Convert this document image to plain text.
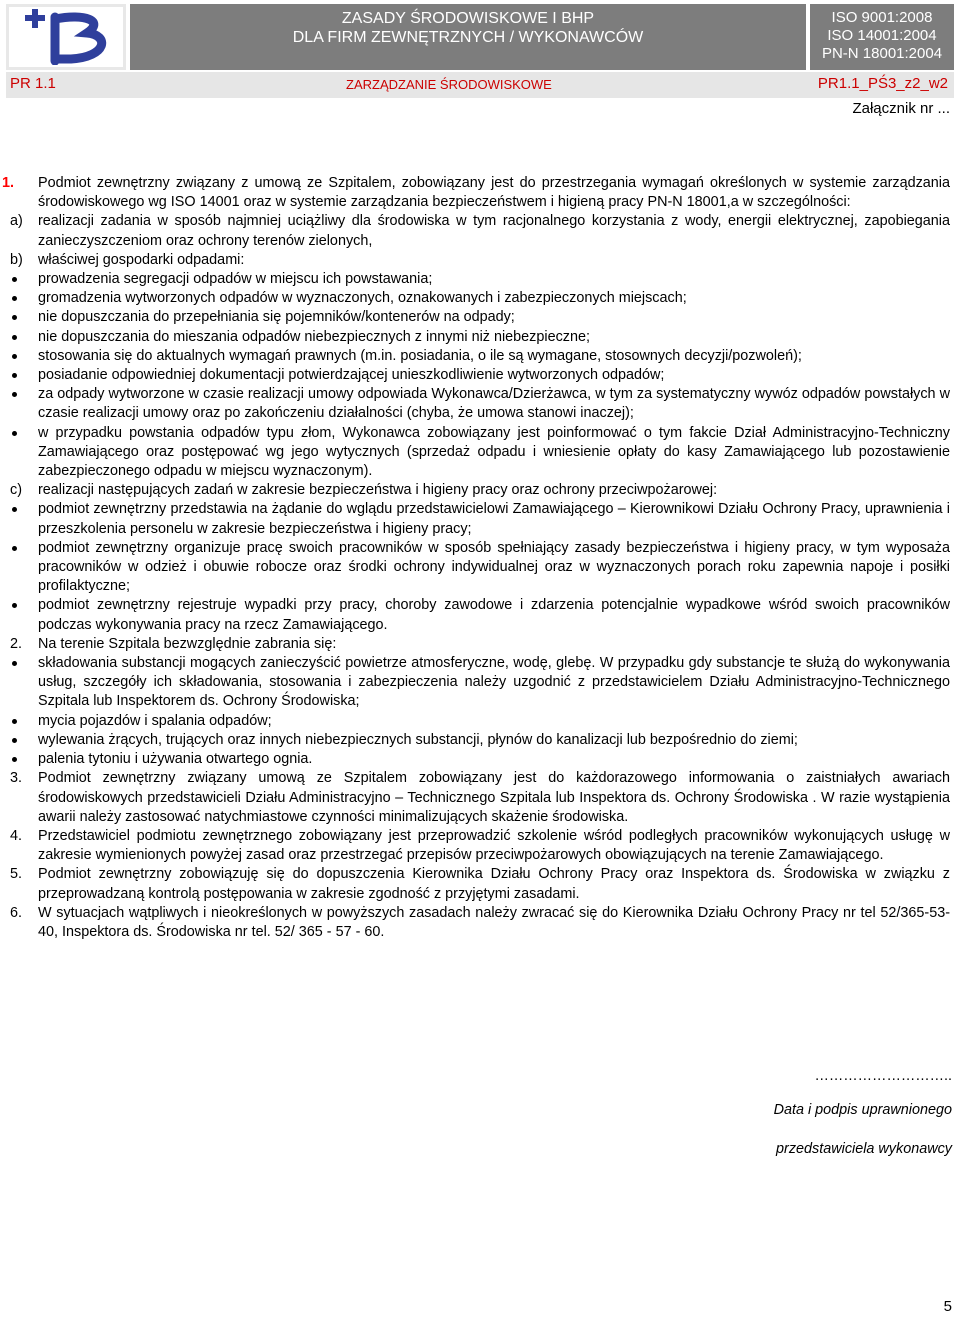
ZASADY ŚRODOWISKOWE I BHP
DLA FIRM ZEWNĘTRZNYCH / WYKONAWCÓW
ISO 9001:2008
ISO 14001:2004
PN-N 18001:2004
PR 1.1	ZARZĄDZANIE ŚRODOWISKOWE	PR1.1_PŚ3_z2_w2
Załącznik nr ...
1. Podmiot zewnętrzny związany z umową ze Szpitalem, zobowiązany jest do przestrzegania wymagań określonych w systemie zarządzania środowiskowego wg ISO 14001 oraz w systemie zarządzania bezpieczeństwem i higieną pracy PN-N 18001,a w szczególności:
a) realizacji zadania w sposób najmniej uciążliwy dla środowiska w tym racjonalnego korzystania z wody, energii elektrycznej, zapobiegania zanieczyszczeniom oraz ochrony terenów zielonych,
b) właściwej gospodarki odpadami:
prowadzenia segregacji odpadów w miejscu ich powstawania;
gromadzenia wytworzonych odpadów w wyznaczonych, oznakowanych i zabezpieczonych miejscach;
nie dopuszczania do przepełniania się pojemników/kontenerów na odpady;
nie dopuszczania do mieszania odpadów niebezpiecznych z innymi niż niebezpieczne;
stosowania się do aktualnych wymagań prawnych (m.in. posiadania, o ile są wymagane, stosownych decyzji/pozwoleń);
posiadanie odpowiedniej dokumentacji potwierdzającej unieszkodliwienie wytworzonych odpadów;
za odpady wytworzone w czasie realizacji umowy odpowiada Wykonawca/Dzierżawca, w tym za systematyczny wywóz odpadów powstałych w czasie realizacji umowy oraz po zakończeniu działalności (chyba, że umowa stanowi inaczej);
w przypadku powstania odpadów typu złom, Wykonawca zobowiązany jest poinformować o tym fakcie Dział Administracyjno-Techniczny Zamawiającego oraz postępować wg jego wytycznych (sprzedaż odpadu i wniesienie opłaty do kasy Zamawiającego lub pozostawienie zabezpieczonego odpadu w miejscu wyznaczonym).
c) realizacji następujących zadań w zakresie bezpieczeństwa i higieny pracy oraz ochrony przeciwpożarowej:
podmiot zewnętrzny przedstawia na żądanie do wglądu przedstawicielowi Zamawiającego – Kierownikowi Działu Ochrony Pracy, uprawnienia i przeszkolenia personelu w zakresie bezpieczeństwa i higieny pracy;
podmiot zewnętrzny organizuje pracę swoich pracowników w sposób spełniający zasady bezpieczeństwa i higieny pracy, w tym wyposaża pracowników w odzież i obuwie robocze oraz środki ochrony indywidualnej oraz w wyznaczonych porach roku zapewnia napoje i posiłki profilaktyczne;
podmiot zewnętrzny rejestruje wypadki przy pracy, choroby zawodowe i zdarzenia potencjalnie wypadkowe wśród swoich pracowników podczas wykonywania pracy na rzecz Zamawiającego.
2. Na terenie Szpitala bezwzględnie zabrania się:
składowania substancji mogących zanieczyścić powietrze atmosferyczne, wodę, glebę. W przypadku gdy substancje te służą do wykonywania usług, szczegóły ich składowania, stosowania i zabezpieczenia należy uzgodnić z przedstawicielem Działu Administracyjno-Technicznego Szpitala lub Inspektorem ds. Ochrony Środowiska;
mycia pojazdów i spalania odpadów;
wylewania żrących, trujących oraz innych niebezpiecznych substancji, płynów do kanalizacji lub bezpośrednio do ziemi;
palenia tytoniu i używania otwartego ognia.
3. Podmiot zewnętrzny związany umową ze Szpitalem zobowiązany jest do każdorazowego informowania o zaistniałych awariach środowiskowych przedstawicieli Działu Administracyjno – Technicznego Szpitala lub Inspektora ds. Ochrony Środowiska . W razie wystąpienia awarii należy zastosować natychmiastowe czynności minimalizujących skażenie środowiska.
4. Przedstawiciel podmiotu zewnętrznego zobowiązany jest przeprowadzić szkolenie wśród podległych pracowników wykonujących usługę w zakresie wymienionych powyżej zasad oraz przestrzegać przepisów przeciwpożarowych obowiązujących na terenie Zamawiającego.
5. Podmiot zewnętrzny zobowiązuję się do dopuszczenia Kierownika Działu Ochrony Pracy oraz Inspektora ds. Środowiska w związku z przeprowadzaną kontrolą postępowania w zakresie zgodność z przyjętymi zasadami.
6. W sytuacjach wątpliwych i nieokreślonych w powyższych zasadach należy zwracać się do Kierownika Działu Ochrony Pracy nr tel 52/365-53-40, Inspektora ds. Środowiska nr tel. 52/ 365 - 57 - 60.
………………………..
Data i podpis uprawnionego
przedstawiciela wykonawcy
5
